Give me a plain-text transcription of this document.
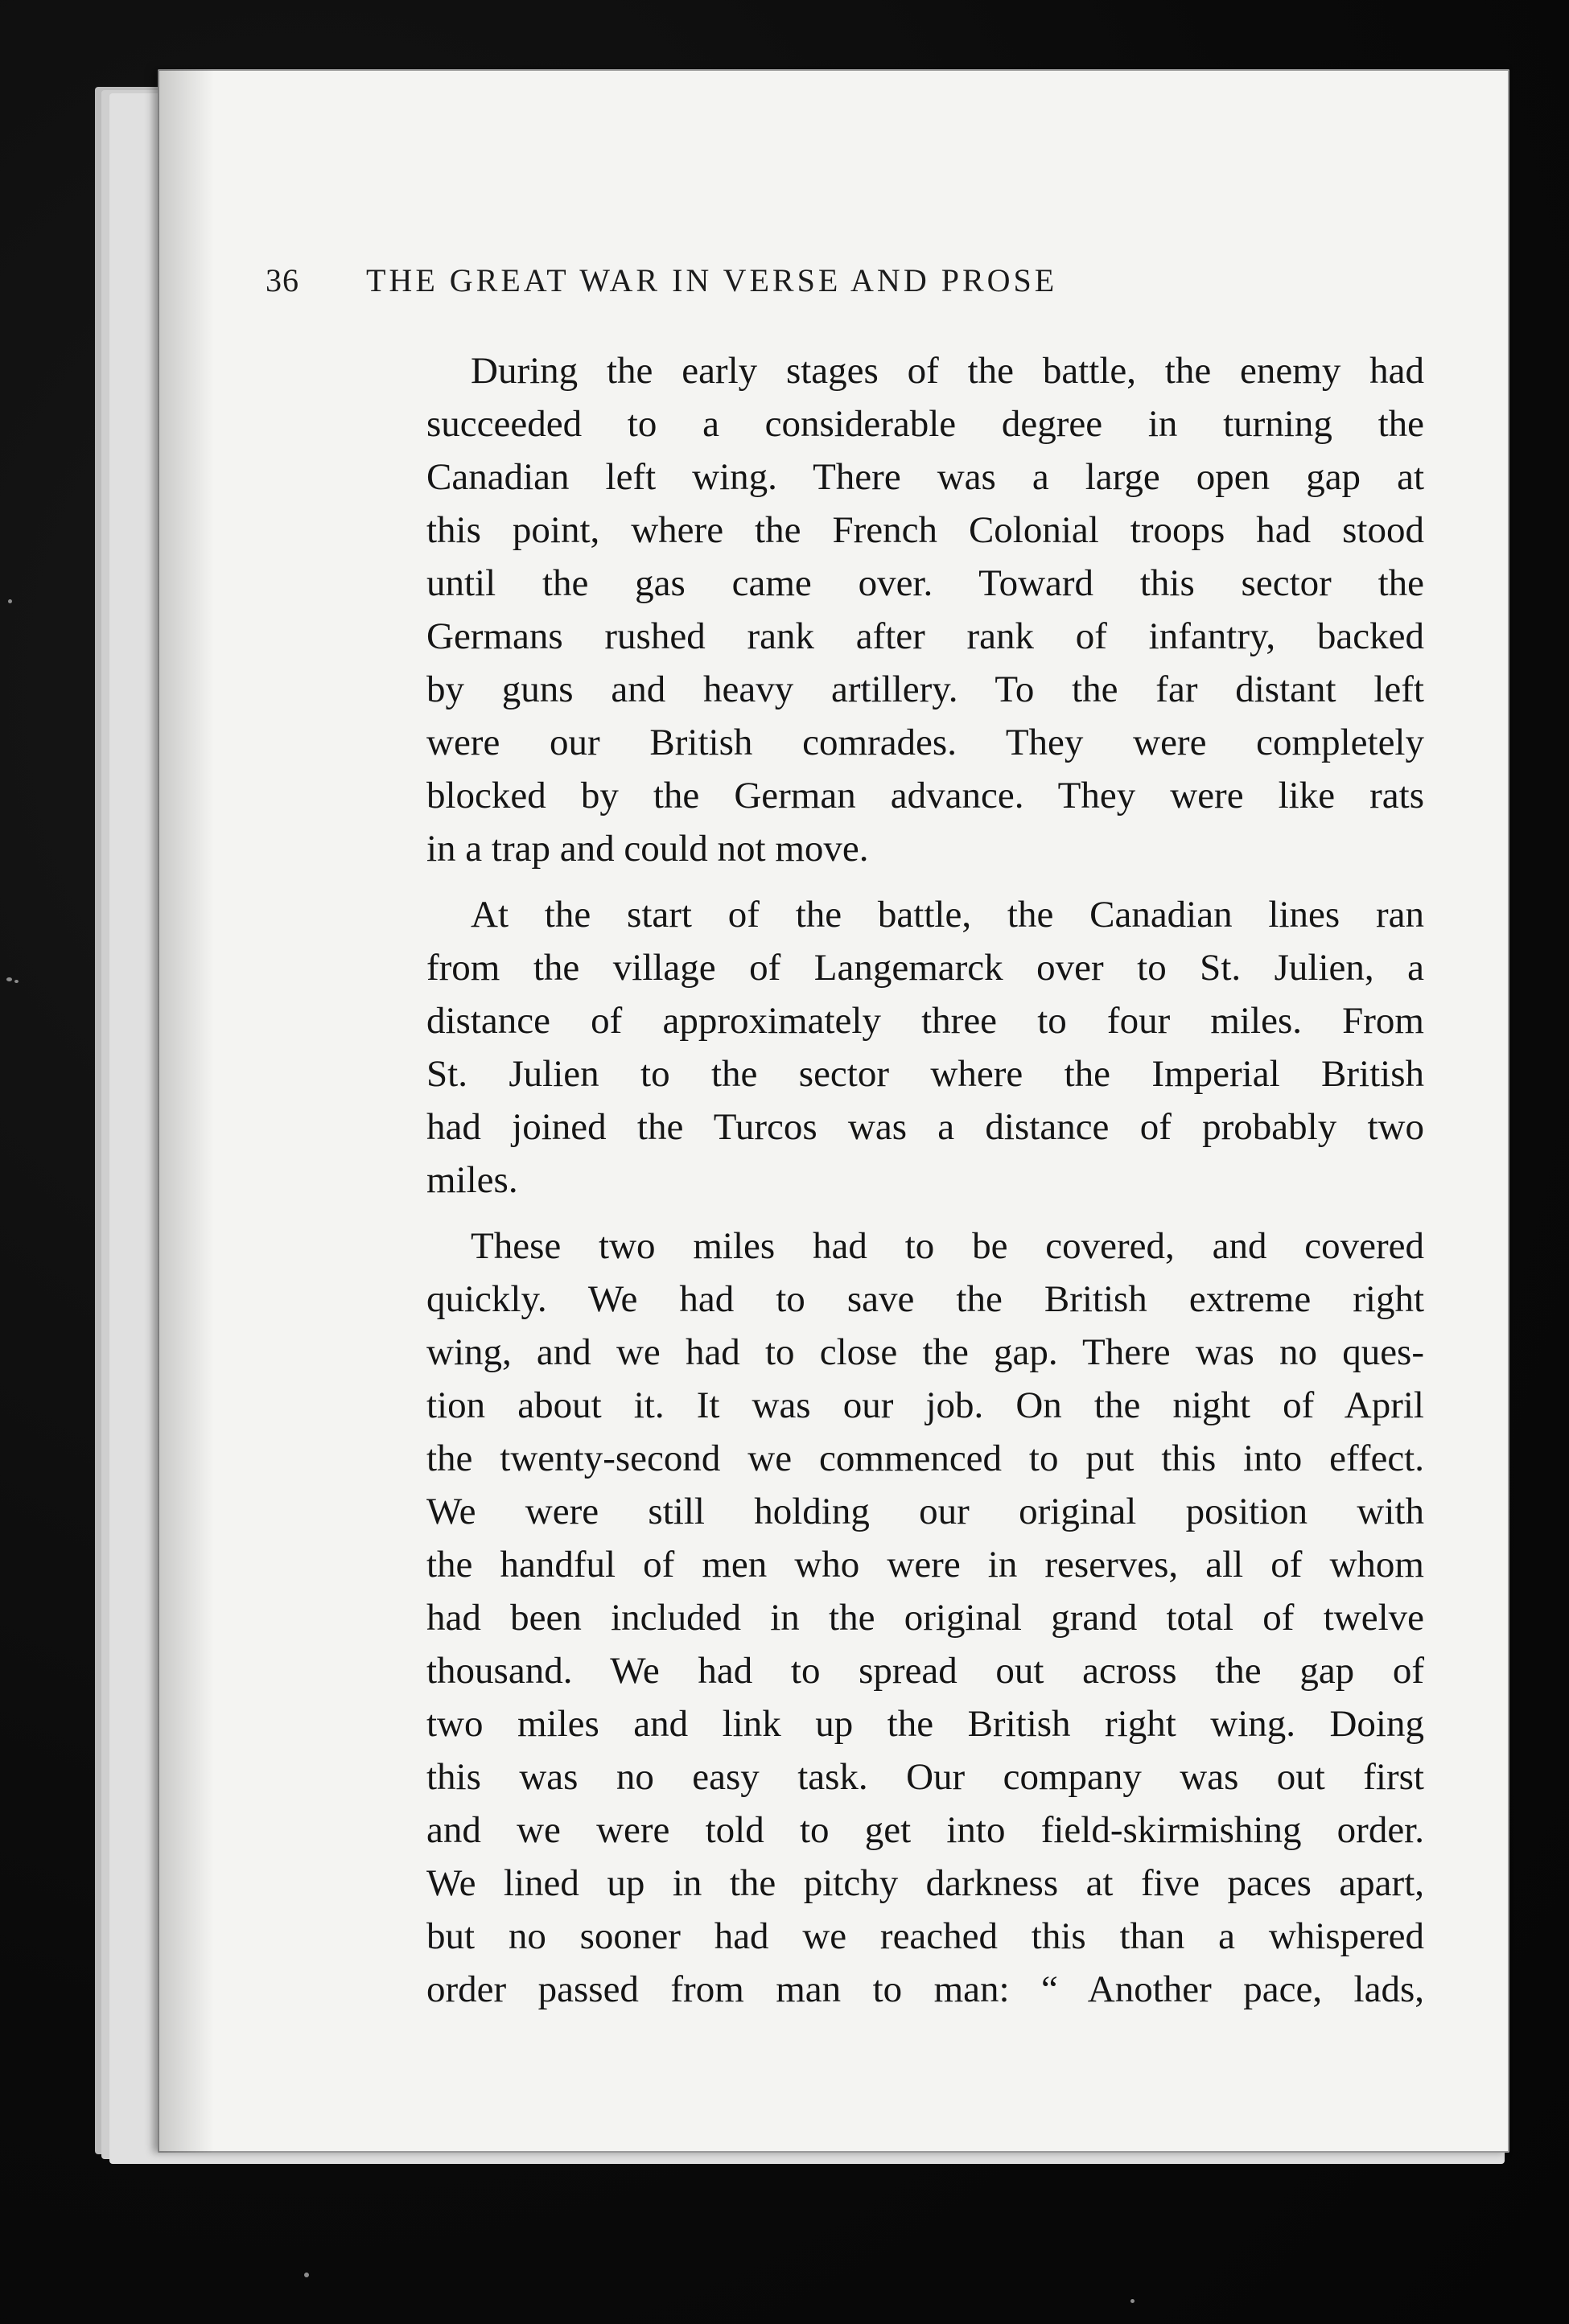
36 THE GREAT WAR IN VERSE AND PROSE

During the early stages of the battle, the enemy had
succeeded to a considerable degree in turning the
Canadian left wing. There was a large open gap at
this point, where the French Colonial troops had stood
until the gas came over. Toward this sector the
Germans rushed rank after rank of infantry, backed
by guns and heavy artillery. To the far distant left
were our British comrades. They were completely
blocked by the German advance. They were like rats
in a trap and could not move.

At the start of the battle, the Canadian lines ran
from the village of Langemarck over to St. Julien, a
distance of approximately three to four miles. From
St. Julien to the sector where the Imperial British
had joined the Turcos was a distance of probably two
miles.

These two miles had to be covered, and covered
quickly. We had to save the British extreme right
wing, and we had to close the gap. There was no ques-
tion about it. It was our job. On the night of April
the twenty-second we commenced to put this into effect.
We were still holding our original position with
the handful of men who were in reserves, all of whom
had been included in the original grand total of twelve
thousand. We had to spread out across the gap of
two miles and link up the British right wing. Doing
this was no easy task. Our company was out first
and we were told to get into field-skirmishing order.
We lined up in the pitchy darkness at five paces apart,
but no sooner had we reached this than a whispered
order passed from man to man: “ Another pace, lads,
